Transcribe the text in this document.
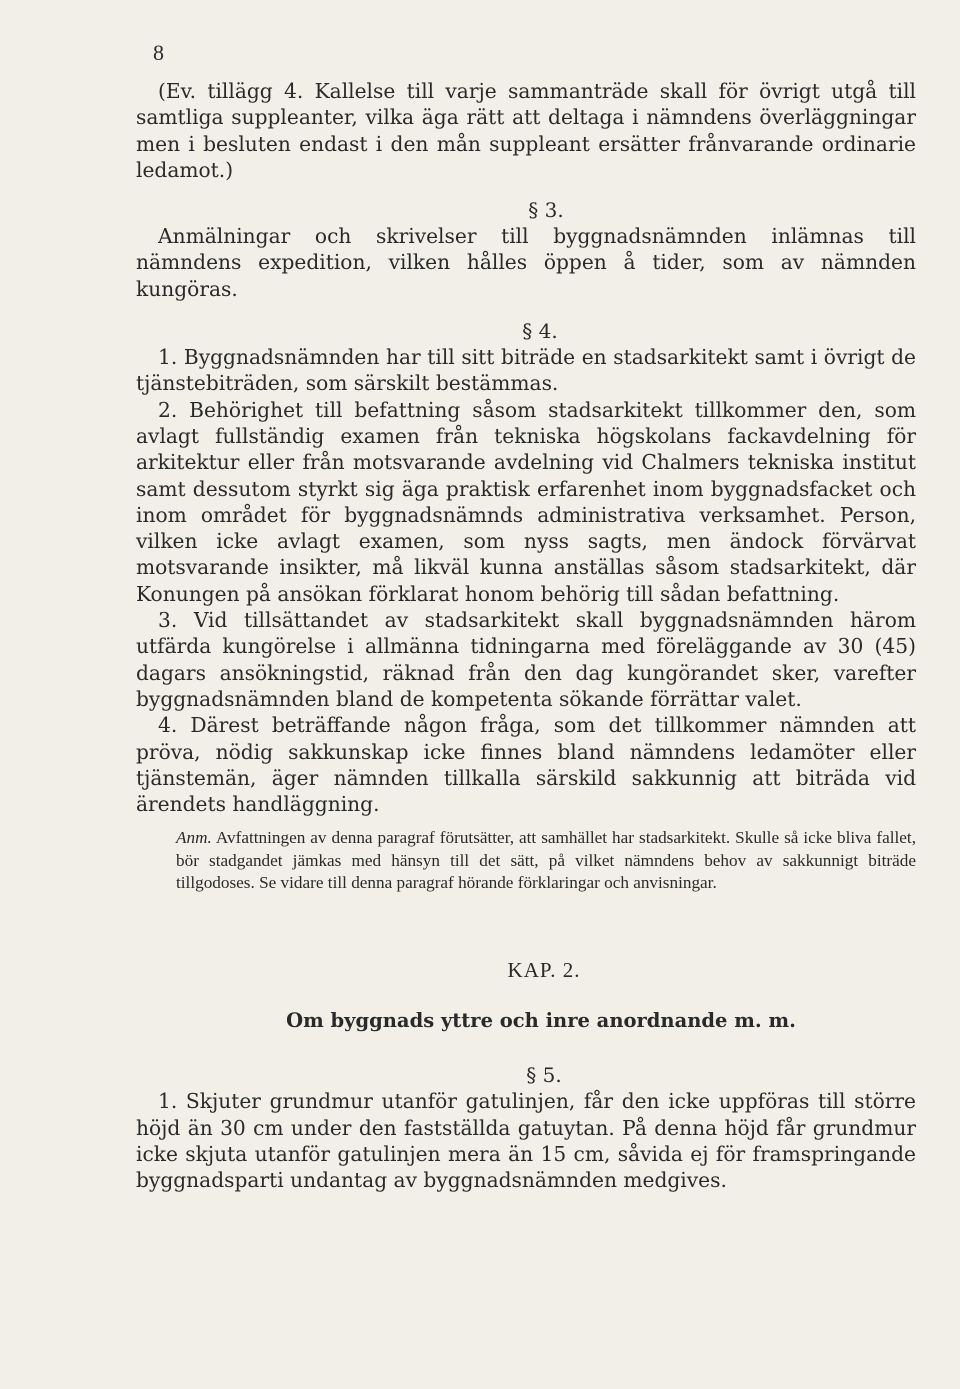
8

(Ev. tillägg 4. Kallelse till varje sammanträde skall för övrigt utgå till samtliga suppleanter, vilka äga rätt att deltaga i nämndens överläggningar men i besluten endast i den mån suppleant ersätter frånvarande ordinarie ledamot.)

§ 3.

Anmälningar och skrivelser till byggnadsnämnden inlämnas till nämndens expedition, vilken hålles öppen å tider, som av nämnden kungöras.

§ 4.

1. Byggnadsnämnden har till sitt biträde en stadsarkitekt samt i övrigt de tjänstebiträden, som särskilt bestämmas.

2. Behörighet till befattning såsom stadsarkitekt tillkommer den, som avlagt fullständig examen från tekniska högskolans fackavdelning för arkitektur eller från motsvarande avdelning vid Chalmers tekniska institut samt dessutom styrkt sig äga praktisk erfarenhet inom byggnadsfacket och inom området för byggnadsnämnds administrativa verksamhet. Person, vilken icke avlagt examen, som nyss sagts, men ändock förvärvat motsvarande insikter, må likväl kunna anställas såsom stadsarkitekt, där Konungen på ansökan förklarat honom behörig till sådan befattning.

3. Vid tillsättandet av stadsarkitekt skall byggnadsnämnden härom utfärda kungörelse i allmänna tidningarna med föreläggande av 30 (45) dagars ansökningstid, räknad från den dag kungörandet sker, varefter byggnadsnämnden bland de kompetenta sökande förrättar valet.

4. Därest beträffande någon fråga, som det tillkommer nämnden att pröva, nödig sakkunskap icke finnes bland nämndens ledamöter eller tjänstemän, äger nämnden tillkalla särskild sakkunnig att biträda vid ärendets handläggning.

Anm. Avfattningen av denna paragraf förutsätter, att samhället har stadsarkitekt. Skulle så icke bliva fallet, bör stadgandet jämkas med hänsyn till det sätt, på vilket nämndens behov av sakkunnigt biträde tillgodoses. Se vidare till denna paragraf hörande förklaringar och anvisningar.

KAP. 2.
Om byggnads yttre och inre anordnande m. m.
§ 5.

1. Skjuter grundmur utanför gatulinjen, får den icke uppföras till större höjd än 30 cm under den fastställda gatuytan. På denna höjd får grundmur icke skjuta utanför gatulinjen mera än 15 cm, såvida ej för framspringande byggnadsparti undantag av byggnadsnämnden medgives.
